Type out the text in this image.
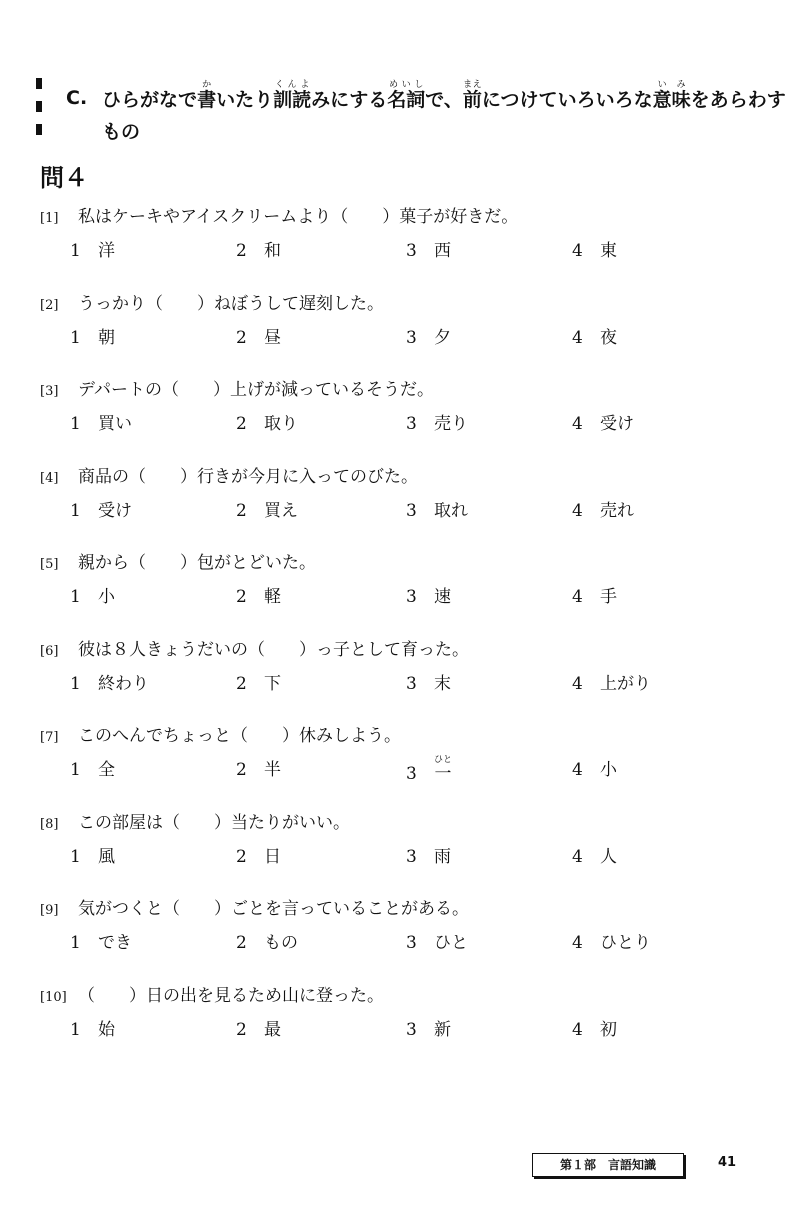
C. ひらがなで書かいたり訓読くんよみにする名詞めいしで、前まえにつけていろいろな意味いみをあらわす
もの
問４
[1] 私はケーキやアイスクリームより（　　）菓子が好きだ。
1 洋	2 和	3 西	4 東
[2] うっかり（　　）ねぼうして遅刻した。
1 朝	2 昼	3 夕	4 夜
[3] デパートの（　　）上げが減っているそうだ。
1 買い	2 取り	3 売り	4 受け
[4] 商品の（　　）行きが今月に入ってのびた。
1 受け	2 買え	3 取れ	4 売れ
[5] 親から（　　）包がとどいた。
1 小	2 軽	3 速	4 手
[6] 彼は８人きょうだいの（　　）っ子として育った。
1 終わり	2 下	3 末	4 上がり
[7] このへんでちょっと（　　）休みしよう。
1 全	2 半	3 一ひと	4 小
[8] この部屋は（　　）当たりがいい。
1 風	2 日	3 雨	4 人
[9] 気がつくと（　　）ごとを言っていることがある。
1 でき	2 もの	3 ひと	4 ひとり
[10] （　　）日の出を見るため山に登った。
1 始	2 最	3 新	4 初
第１部　言語知識	41
